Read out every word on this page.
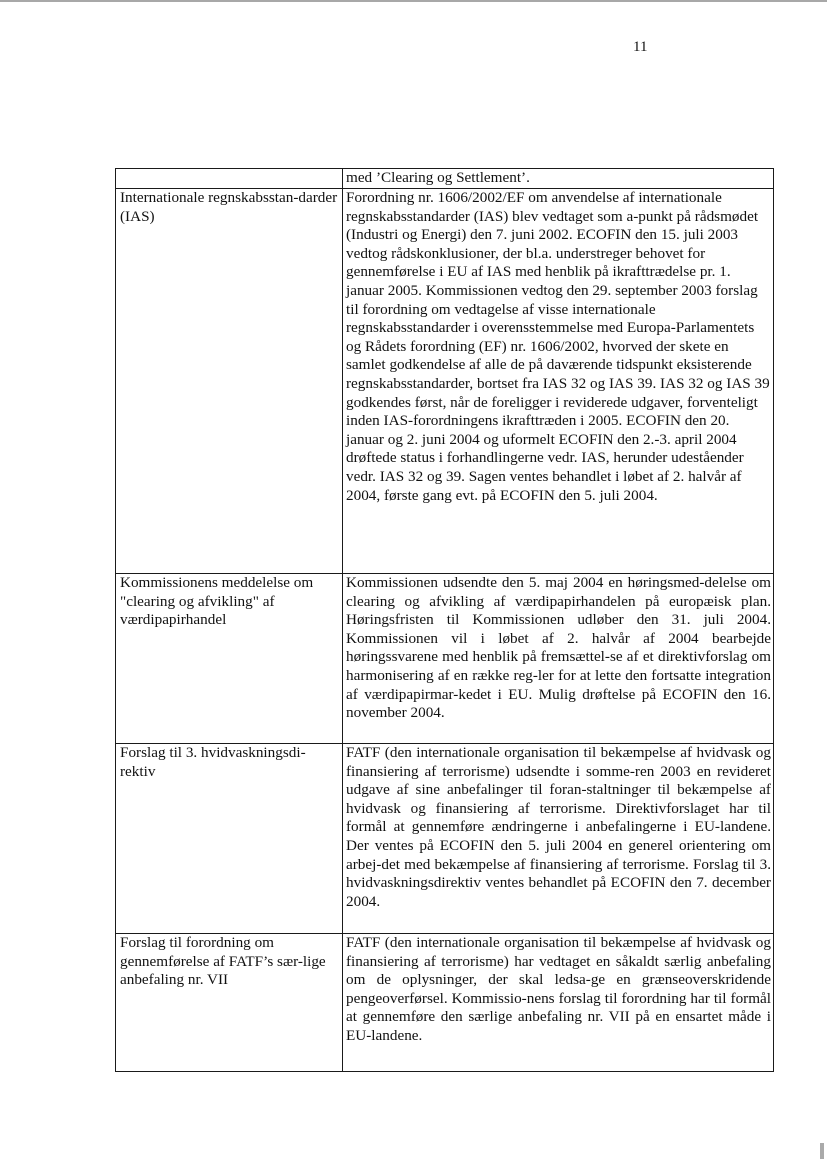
11

	med ’Clearing og Settlement’.

Internationale regnskabsstan-darder (IAS)	Forordning nr. 1606/2002/EF om anvendelse af internationale regnskabsstandarder (IAS) blev vedtaget som a-punkt på rådsmødet (Industri og Energi) den 7. juni 2002. ECOFIN den 15. juli 2003 vedtog rådskonklusioner, der bl.a. understreger behovet for gennemførelse i EU af IAS med henblik på ikrafttrædelse pr. 1. januar 2005. Kommissionen vedtog den 29. september 2003 forslag til forordning om vedtagelse af visse internationale regnskabsstandarder i overensstemmelse med Europa-Parlamentets og Rådets forordning (EF) nr. 1606/2002, hvorved der skete en samlet godkendelse af alle de på daværende tidspunkt eksisterende regnskabsstandarder, bortset fra IAS 32 og IAS 39. IAS 32 og IAS 39 godkendes først, når de foreligger i reviderede udgaver, forventeligt inden IAS-forordningens ikrafttræden i 2005. ECOFIN den 20. januar og 2. juni 2004 og uformelt ECOFIN den 2.-3. april 2004 drøftede status i forhandlingerne vedr. IAS, herunder udeståender vedr. IAS 32 og 39. Sagen ventes behandlet i løbet af 2. halvår af 2004, første gang evt. på ECOFIN den 5. juli 2004.

Kommissionens meddelelse om "clearing og afvikling" af værdipapirhandel	Kommissionen udsendte den 5. maj 2004 en høringsmed-delelse om clearing og afvikling af værdipapirhandelen på europæisk plan. Høringsfristen til Kommissionen udløber den 31. juli 2004. Kommissionen vil i løbet af 2. halvår af 2004 bearbejde høringssvarene med henblik på fremsættel-se af et direktivforslag om harmonisering af en række reg-ler for at lette den fortsatte integration af værdipapirmar-kedet i EU. Mulig drøftelse på ECOFIN den 16. november 2004.

Forslag til 3. hvidvaskningsdi-rektiv	FATF (den internationale organisation til bekæmpelse af hvidvask og finansiering af terrorisme) udsendte i somme-ren 2003 en revideret udgave af sine anbefalinger til foran-staltninger til bekæmpelse af hvidvask og finansiering af terrorisme. Direktivforslaget har til formål at gennemføre ændringerne i anbefalingerne i EU-landene. Der ventes på ECOFIN den 5. juli 2004 en generel orientering om arbej-det med bekæmpelse af finansiering af terrorisme. Forslag til 3. hvidvaskningsdirektiv ventes behandlet på ECOFIN den 7. december 2004.

Forslag til forordning om gennemførelse af FATF’s sær-lige anbefaling nr. VII	FATF (den internationale organisation til bekæmpelse af hvidvask og finansiering af terrorisme) har vedtaget en såkaldt særlig anbefaling om de oplysninger, der skal ledsa-ge en grænseoverskridende pengeoverførsel. Kommissio-nens forslag til forordning har til formål at gennemføre den særlige anbefaling nr. VII på en ensartet måde i EU-landene.
